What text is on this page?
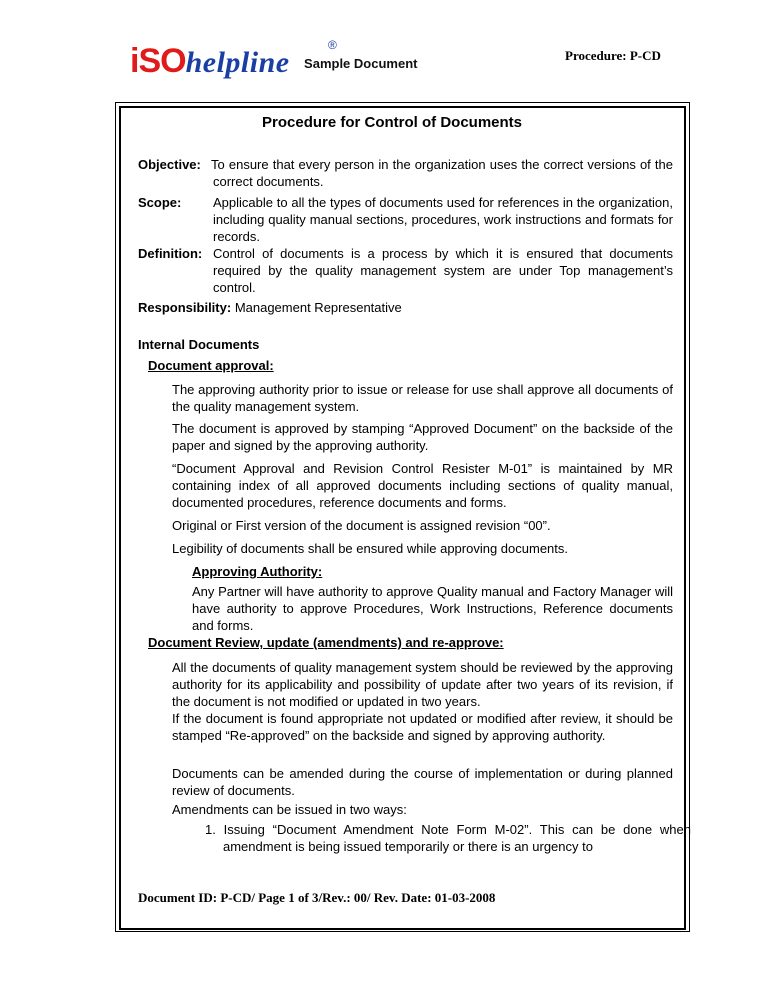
iSOhelpline
®
$^{Sample Document}$
Procedure: P-CD
Procedure for Control of Documents
Objective: To ensure that every person in the organization uses the correct versions of the correct documents.
Scope: Applicable to all the types of documents used for references in the organization, including quality manual sections, procedures, work instructions and formats for records.
Definition: Control of documents is a process by which it is ensured that documents required by the quality management system are under Top management’s control.
Responsibility: Management Representative
Internal Documents
Document approval:
The approving authority prior to issue or release for use shall approve all documents of the quality management system.
The document is approved by stamping “Approved Document” on the backside of the paper and signed by the approving authority.
“Document Approval and Revision Control Resister M-01” is maintained by MR containing index of all approved documents including sections of quality manual, documented procedures, reference documents and forms.
Original or First version of the document is assigned revision “00”.
Legibility of documents shall be ensured while approving documents.
Approving Authority:
Any Partner will have authority to approve Quality manual and Factory Manager will have authority to approve Procedures, Work Instructions, Reference documents and forms.
Document Review, update (amendments) and re-approve:
All the documents of quality management system should be reviewed by the approving authority for its applicability and possibility of update after two years of its revision, if the document is not modified or updated in two years.
If the document is found appropriate not updated or modified after review, it should be stamped “Re-approved” on the backside and signed by approving authority.
Documents can be amended during the course of implementation or during planned review of documents.
Amendments can be issued in two ways:
1. Issuing “Document Amendment Note Form M-02”. This can be done when amendment is being issued temporarily or there is an urgency to
Document ID: P-CD/ Page 1 of 3/Rev.: 00/ Rev. Date: 01-03-2008
